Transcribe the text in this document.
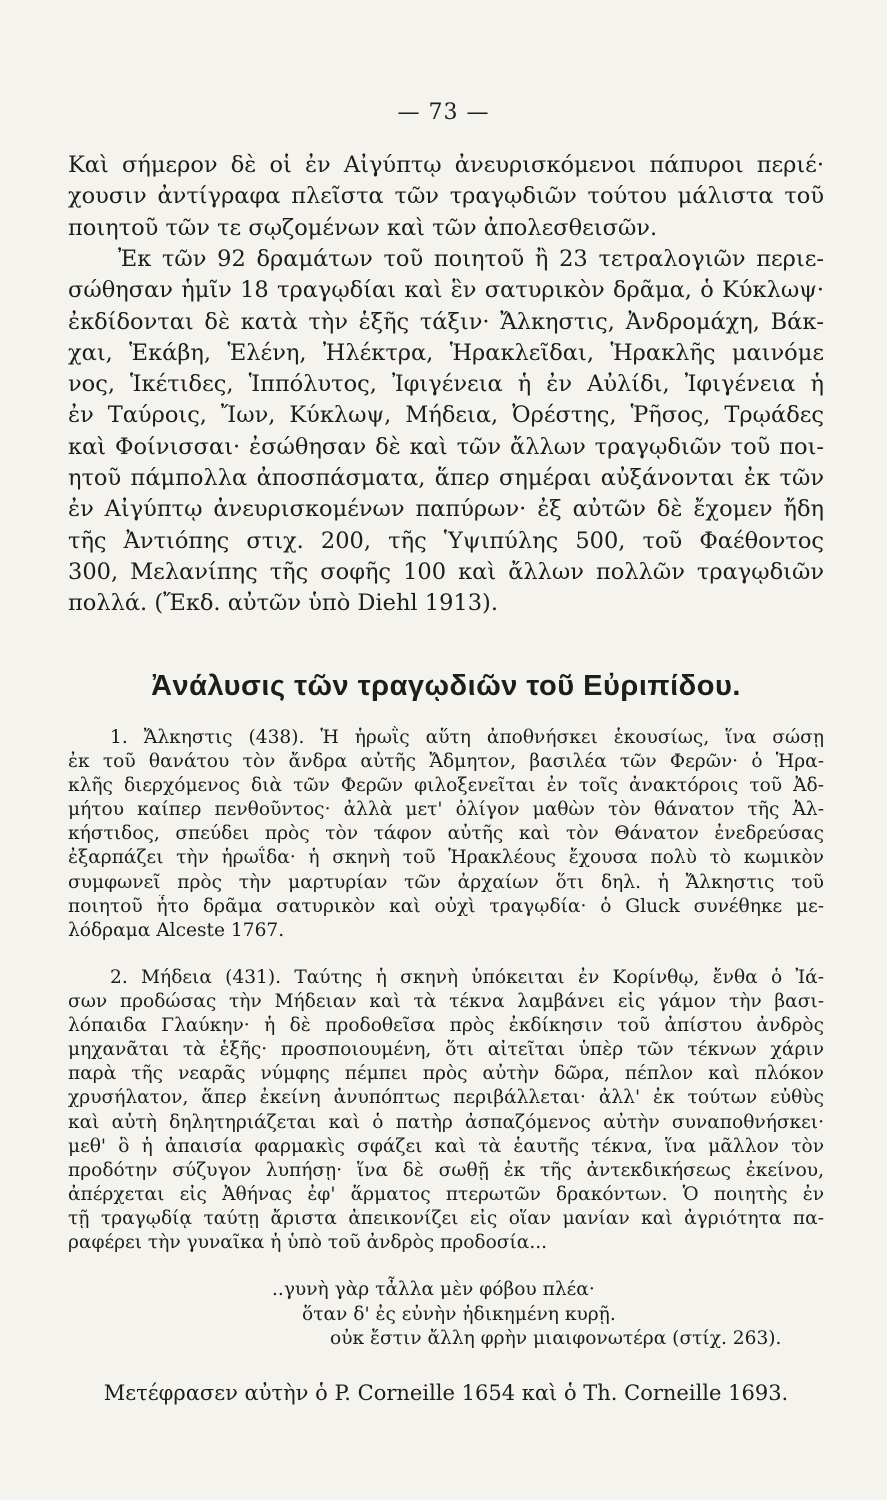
— 73 —
Καὶ σήμερον δὲ οἱ ἐν Αἰγύπτῳ ἀνευρισκόμενοι πάπυροι περιέ·
χουσιν ἀντίγραφα πλεῖστα τῶν τραγῳδιῶν τούτου μάλιστα τοῦ
ποιητοῦ τῶν τε σῳζομένων καὶ τῶν ἀπολεσθεισῶν.
Ἐκ τῶν 92 δραμάτων τοῦ ποιητοῦ ἢ 23 τετραλογιῶν περιε-
σώθησαν ἡμῖν 18 τραγῳδίαι καὶ ἓν σατυρικὸν δρᾶμα, ὁ Κύκλωψ·
ἐκδίδονται δὲ κατὰ τὴν ἑξῆς τάξιν· Ἄλκηστις, Ἀνδρομάχη, Βάκ-
χαι, Ἑκάβη, Ἑλένη, Ἠλέκτρα, Ἡρακλεῖδαι, Ἡρακλῆς μαινόμε
νος, Ἱκέτιδες, Ἱππόλυτος, Ἰφιγένεια ἡ ἐν Αὐλίδι, Ἰφιγένεια ἡ
ἐν Ταύροις, Ἴων, Κύκλωψ, Μήδεια, Ὀρέστης, Ῥῆσος, Τρῳάδες
καὶ Φοίνισσαι· ἐσώθησαν δὲ καὶ τῶν ἄλλων τραγῳδιῶν τοῦ ποι-
ητοῦ πάμπολλα ἀποσπάσματα, ἅπερ σημέραι αὐξάνονται ἐκ τῶν
ἐν Αἰγύπτῳ ἀνευρισκομένων παπύρων· ἐξ αὐτῶν δὲ ἔχομεν ἤδη
τῆς Ἀντιόπης στιχ. 200, τῆς Ὑψιπύλης 500, τοῦ Φαέθοντος
300, Μελανίπης τῆς σοφῆς 100 καὶ ἄλλων πολλῶν τραγῳδιῶν
πολλά. (Ἔκδ. αὐτῶν ὑπὸ Diehl 1913).
Ἀνάλυσις τῶν τραγῳδιῶν τοῦ Εὐριπίδου.
1. Ἄλκηστις (438). Ἡ ἡρωῒς αὕτη ἀποθνήσκει ἑκουσίως, ἵνα σώσῃ
ἐκ τοῦ θανάτου τὸν ἄνδρα αὐτῆς Ἄδμητον, βασιλέα τῶν Φερῶν· ὁ Ἡρα-
κλῆς διερχόμενος διὰ τῶν Φερῶν φιλοξενεῖται ἐν τοῖς ἀνακτόροις τοῦ Ἀδ-
μήτου καίπερ πενθοῦντος· ἀλλὰ μετ' ὀλίγον μαθὼν τὸν θάνατον τῆς Ἀλ-
κήστιδος, σπεύδει πρὸς τὸν τάφον αὐτῆς καὶ τὸν Θάνατον ἐνεδρεύσας
ἐξαρπάζει τὴν ἡρωΐδα· ἡ σκηνὴ τοῦ Ἡρακλέους ἔχουσα πολὺ τὸ κωμικὸν
συμφωνεῖ πρὸς τὴν μαρτυρίαν τῶν ἀρχαίων ὅτι δηλ. ἡ Ἄλκηστις τοῦ
ποιητοῦ ἦτο δρᾶμα σατυρικὸν καὶ οὐχὶ τραγῳδία· ὁ Gluck συνέθηκε με-
λόδραμα Alceste 1767.
2. Μήδεια (431). Ταύτης ἡ σκηνὴ ὑπόκειται ἐν Κορίνθῳ, ἔνθα ὁ Ἰά-
σων προδώσας τὴν Μήδειαν καὶ τὰ τέκνα λαμβάνει εἰς γάμον τὴν βασι-
λόπαιδα Γλαύκην· ἡ δὲ προδοθεῖσα πρὸς ἐκδίκησιν τοῦ ἀπίστου ἀνδρὸς
μηχανᾶται τὰ ἑξῆς· προσποιουμένη, ὅτι αἰτεῖται ὑπὲρ τῶν τέκνων χάριν
παρὰ τῆς νεαρᾶς νύμφης πέμπει πρὸς αὐτὴν δῶρα, πέπλον καὶ πλόκον
χρυσήλατον, ἅπερ ἐκείνη ἀνυπόπτως περιβάλλεται· ἀλλ' ἐκ τούτων εὐθὺς
καὶ αὐτὴ δηλητηριάζεται καὶ ὁ πατὴρ ἀσπαζόμενος αὐτὴν συναποθνήσκει·
μεθ' ὃ ἡ ἀπαισία φαρμακὶς σφάζει καὶ τὰ ἑαυτῆς τέκνα, ἵνα μᾶλλον τὸν
προδότην σύζυγον λυπήσῃ· ἵνα δὲ σωθῇ ἐκ τῆς ἀντεκδικήσεως ἐκείνου,
ἀπέρχεται εἰς Ἀθήνας ἐφ' ἅρματος πτερωτῶν δρακόντων. Ὁ ποιητὴς ἐν
τῇ τραγῳδίᾳ ταύτῃ ἄριστα ἀπεικονίζει εἰς οἵαν μανίαν καὶ ἀγριότητα πα-
ραφέρει τὴν γυναῖκα ἡ ὑπὸ τοῦ ἀνδρὸς προδοσία...
..γυνὴ γὰρ τἆλλα μὲν φόβου πλέα·
ὅταν δ' ἐς εὐνὴν ἠδικημένη κυρῇ.
οὐκ ἔστιν ἄλλη φρὴν μιαιφονωτέρα (στίχ. 263).
Μετέφρασεν αὐτὴν ὁ P. Corneille 1654 καὶ ὁ Th. Corneille 1693.
